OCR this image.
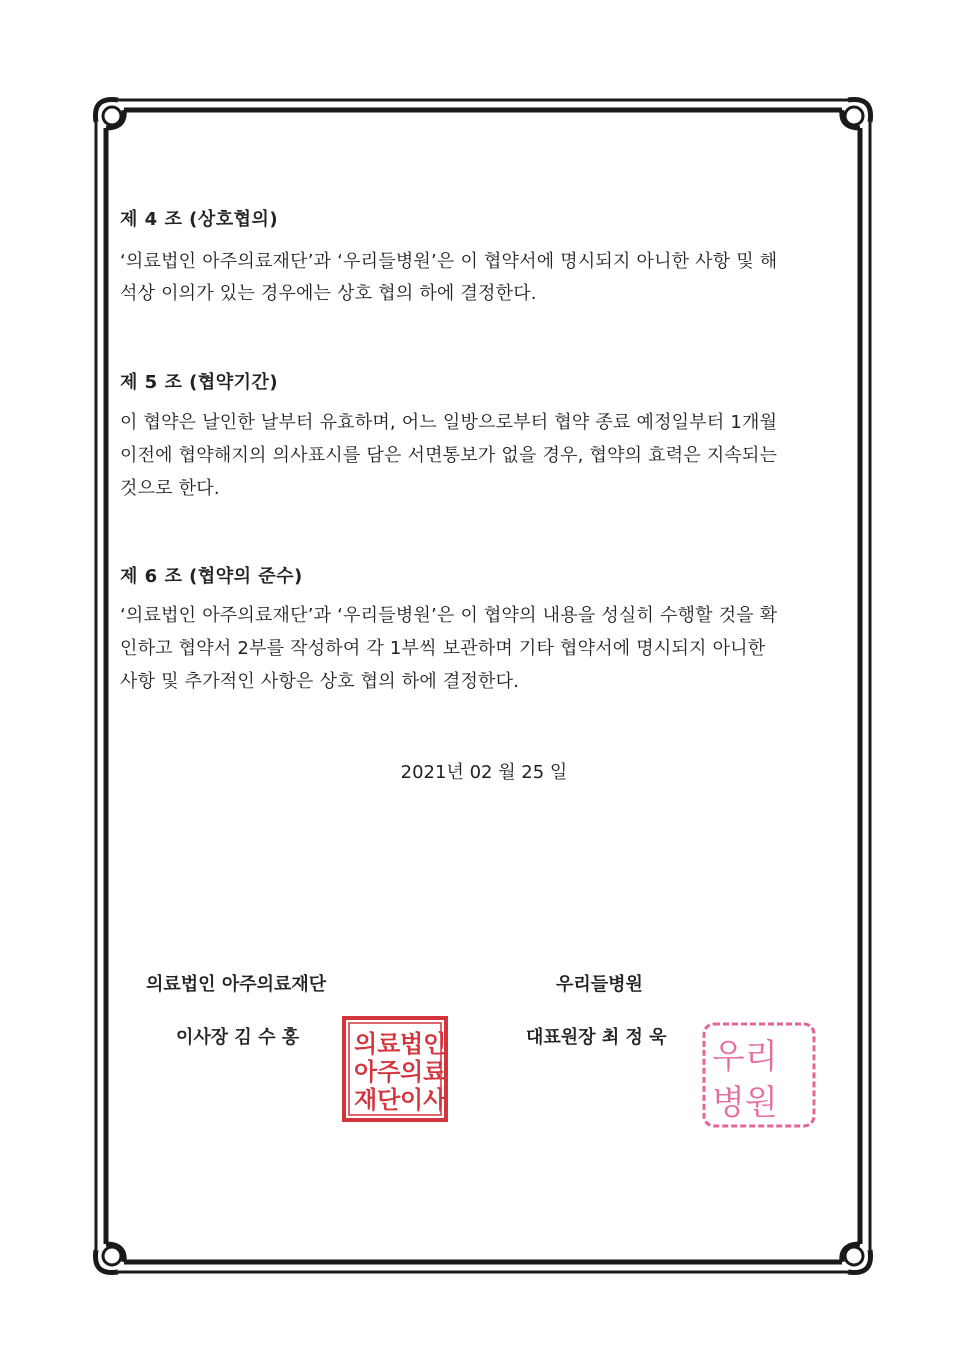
제 4 조 (상호협의)
‘의료법인 아주의료재단’과 ‘우리들병원’은 이 협약서에 명시되지 아니한 사항 및 해
석상 이의가 있는 경우에는 상호 협의 하에 결정한다.
제 5 조 (협약기간)
이 협약은 날인한 날부터 유효하며, 어느 일방으로부터 협약 종료 예정일부터 1개월
이전에 협약해지의 의사표시를 담은 서면통보가 없을 경우, 협약의 효력은 지속되는
것으로 한다.
제 6 조 (협약의 준수)
‘의료법인 아주의료재단’과 ‘우리들병원’은 이 협약의 내용을 성실히 수행할 것을 확
인하고 협약서 2부를 작성하여 각 1부씩 보관하며 기타 협약서에 명시되지 아니한
사항 및 추가적인 사항은 상호 협의 하에 결정한다.
2021년 02 월 25 일
의료법인 아주의료재단
이사장 김 수 홍
우리들병원
대표원장 최 정 욱
의료 법인
아주 의료
재단 이사
우리
병원
